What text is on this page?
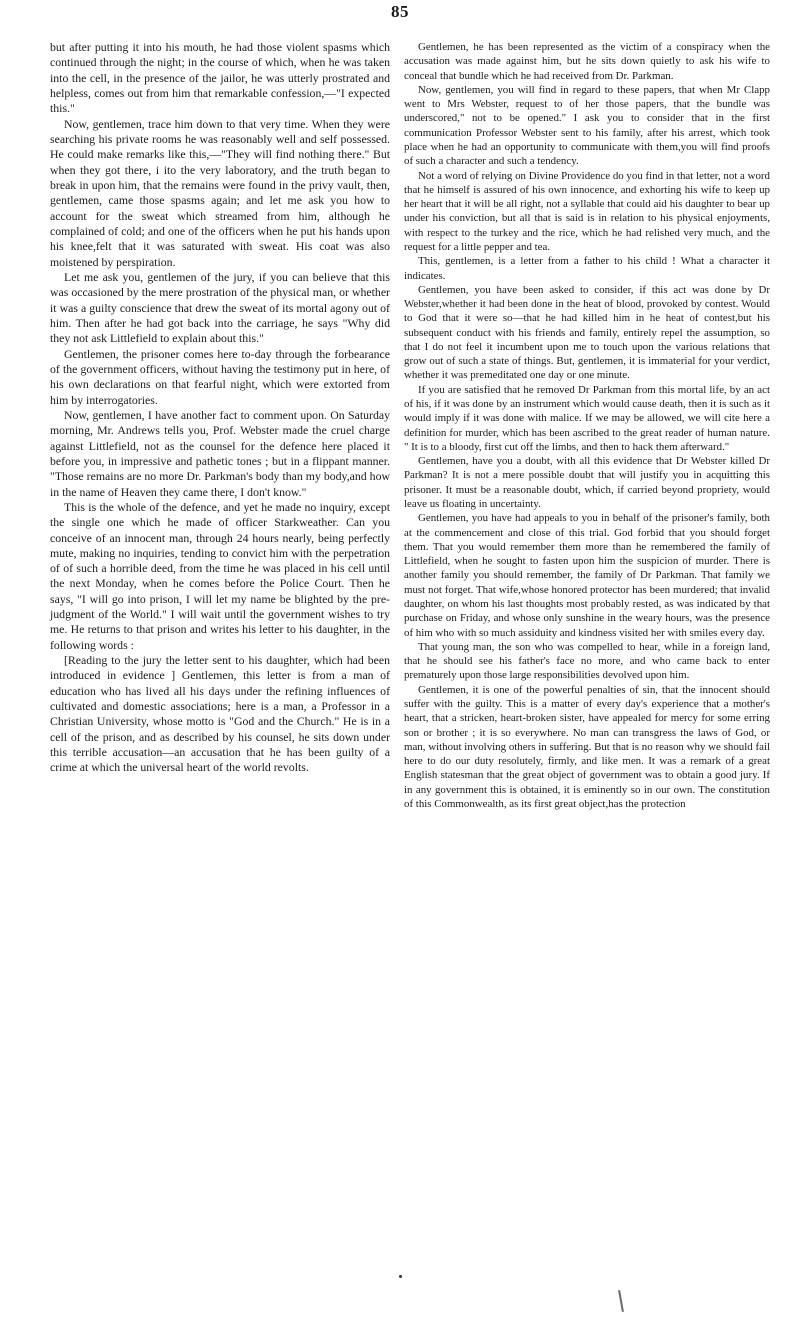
85

but after putting it into his mouth, he had those violent spasms which continued through the night; in the course of which, when he was taken into the cell, in the presence of the jailor, he was utterly prostrated and helpless, comes out from him that remarkable confession,—"I expected this."

Now, gentlemen, trace him down to that very time. When they were searching his private rooms he was reasonably well and self possessed. He could make remarks like this,—"They will find nothing there." But when they got there, i ito the very laboratory, and the truth began to break in upon him, that the remains were found in the privy vault, then, gentlemen, came those spasms again; and let me ask you how to account for the sweat which streamed from him, although he complained of cold; and one of the officers when he put his hands upon his knee,felt that it was saturated with sweat. His coat was also moistened by perspiration.

Let me ask you, gentlemen of the jury, if you can believe that this was occasioned by the mere prostration of the physical man, or whether it was a guilty conscience that drew the sweat of its mortal agony out of him. Then after he had got back into the carriage, he says "Why did they not ask Littlefield to explain about this."

Gentlemen, the prisoner comes here to-day through the forbearance of the government officers, without having the testimony put in here, of his own declarations on that fearful night, which were extorted from him by interrogatories.

Now, gentlemen, I have another fact to comment upon. On Saturday morning, Mr. Andrews tells you, Prof. Webster made the cruel charge against Littlefield, not as the counsel for the defence here placed it before you, in impressive and pathetic tones ; but in a flippant manner. "Those remains are no more Dr. Parkman's body than my body,and how in the name of Heaven they came there, I don't know."

This is the whole of the defence, and yet he made no inquiry, except the single one which he made of officer Starkweather. Can you conceive of an innocent man, through 24 hours nearly, being perfectly mute, making no inquiries, tending to convict him with the perpetration of of such a horrible deed, from the time he was placed in his cell until the next Monday, when he comes before the Police Court. Then he says, "I will go into prison, I will let my name be blighted by the pre-judgment of the World." I will wait until the government wishes to try me. He returns to that prison and writes his letter to his daughter, in the following words :

[Reading to the jury the letter sent to his daughter, which had been introduced in evidence ] Gentlemen, this letter is from a man of education who has lived all his days under the refining influences of cultivated and domestic associations; here is a man, a Professor in a Christian University, whose motto is "God and the Church." He is in a cell of the prison, and as described by his counsel, he sits down under this terrible accusation—an accusation that he has been guilty of a crime at which the universal heart of the world revolts.

Gentlemen, he has been represented as the victim of a conspiracy when the accusation was made against him, but he sits down quietly to ask his wife to conceal that bundle which he had received from Dr. Parkman.

Now, gentlemen, you will find in regard to these papers, that when Mr Clapp went to Mrs Webster, request to of her those papers, that the bundle was underscored," not to be opened." I ask you to consider that in the first communication Professor Webster sent to his family, after his arrest, which took place when he had an opportunity to communicate with them,you will find proofs of such a character and such a tendency.

Not a word of relying on Divine Providence do you find in that letter, not a word that he himself is assured of his own innocence, and exhorting his wife to keep up her heart that it will be all right, not a syllable that could aid his daughter to bear up under his conviction, but all that is said is in relation to his physical enjoyments, with respect to the turkey and the rice, which he had relished very much, and the request for a little pepper and tea.

This, gentlemen, is a letter from a father to his child ! What a character it indicates.

Gentlemen, you have been asked to consider, if this act was done by Dr Webster,whether it had been done in the heat of blood, provoked by contest. Would to God that it were so—that he had killed him in he heat of contest,but his subsequent conduct with his friends and family, entirely repel the assumption, so that I do not feel it incumbent upon me to touch upon the various relations that grow out of such a state of things. But, gentlemen, it is immaterial for your verdict, whether it was premeditated one day or one minute.

If you are satisfied that he removed Dr Parkman from this mortal life, by an act of his, if it was done by an instrument which would cause death, then it is such as it would imply if it was done with malice. If we may be allowed, we will cite here a definition for murder, which has been ascribed to the great reader of human nature. " It is to a bloody, first cut off the limbs, and then to hack them afterward."

Gentlemen, have you a doubt, with all this evidence that Dr Webster killed Dr Parkman? It is not a mere possible doubt that will justify you in acquitting this prisoner. It must be a reasonable doubt, which, if carried beyond propriety, would leave us floating in uncertainty.

Gentlemen, you have had appeals to you in behalf of the prisoner's family, both at the commencement and close of this trial. God forbid that you should forget them. That you would remember them more than he remembered the family of Littlefield, when he sought to fasten upon him the suspicion of murder. There is another family you should remember, the family of Dr Parkman. That family we must not forget. That wife,whose honored protector has been murdered; that invalid daughter, on whom his last thoughts most probably rested, as was indicated by that purchase on Friday, and whose only sunshine in the weary hours, was the presence of him who with so much assiduity and kindness visited her with smiles every day.

That young man, the son who was compelled to hear, while in a foreign land, that he should see his father's face no more, and who came back to enter prematurely upon those large responsibilities devolved upon him.

Gentlemen, it is one of the powerful penalties of sin, that the innocent should suffer with the guilty. This is a matter of every day's experience that a mother's heart, that a stricken, heart-broken sister, have appealed for mercy for some erring son or brother ; it is so everywhere. No man can transgress the laws of God, or man, without involving others in suffering. But that is no reason why we should fail here to do our duty resolutely, firmly, and like men. It was a remark of a great English statesman that the great object of government was to obtain a good jury. If in any government this is obtained, it is eminently so in our own. The constitution of this Commonwealth, as its first great object,has the protection
